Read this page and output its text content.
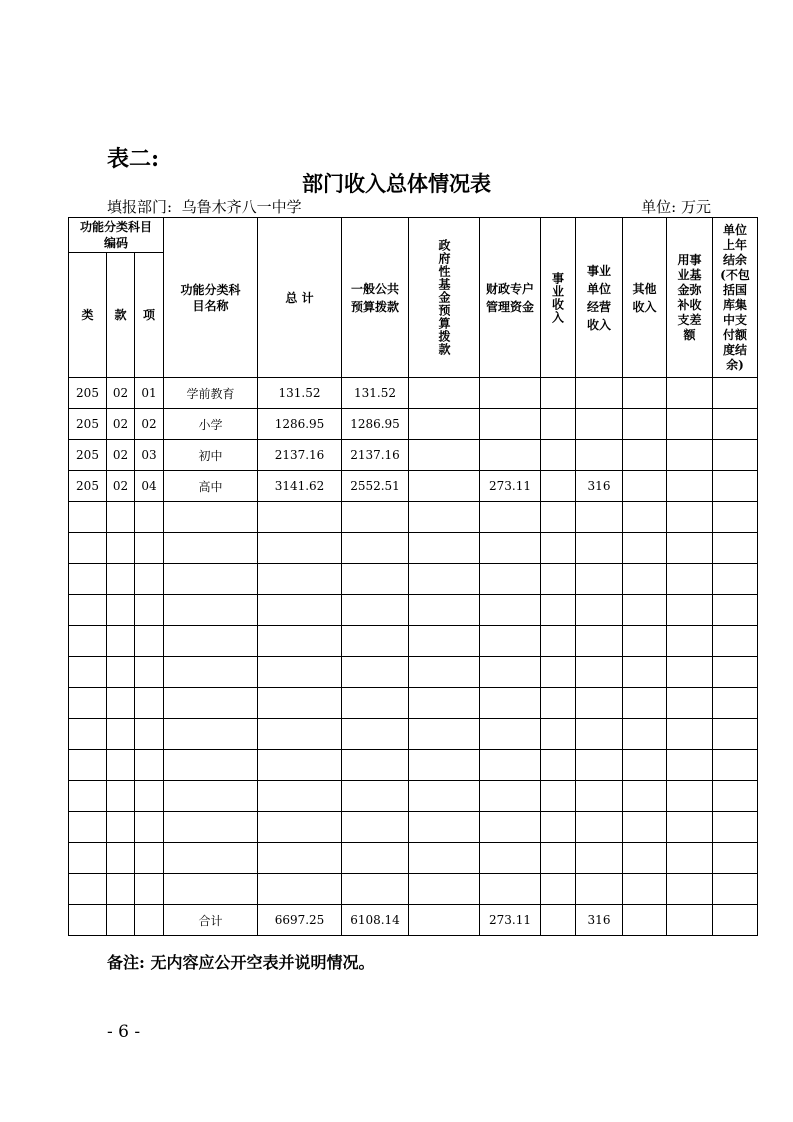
表二:
部门收入总体情况表
填报部门: 乌鲁木齐八一中学	单位: 万元
功能分类科目编码			功能分类科目名称	总 计	一般公共预算拨款	政府性基金预算拨款	财政专户管理资金	事业收入	事业单位经营收入	其他收入	用事业基金弥补收支差额	单位上年结余(不包括国库集中支付额度结余)

类	款	项										
205	02	01	学前教育	131.52	131.52							
205	02	02	小学	1286.95	1286.95							
205	02	03	初中	2137.16	2137.16							
205	02	04	高中	3141.62	2552.51		273.11		316			

			合计	6697.25	6108.14		273.11		316			
备注: 无内容应公开空表并说明情况。
- 6 -
